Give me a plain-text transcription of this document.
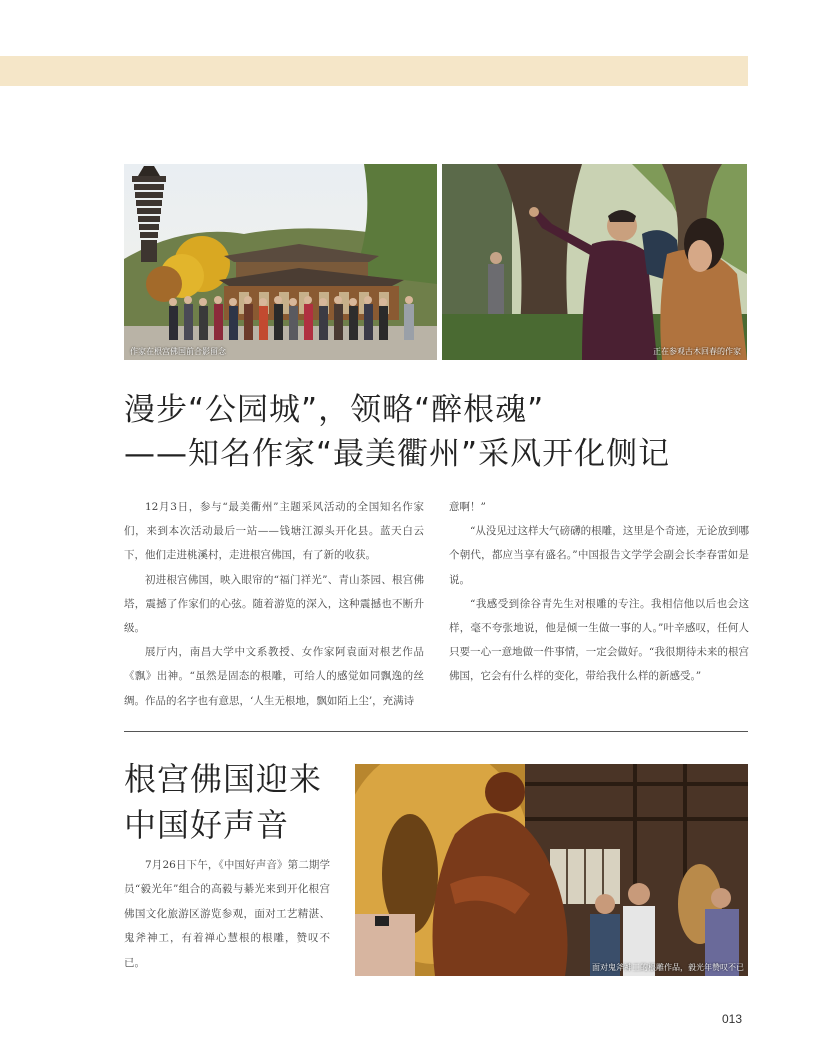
作家在根宫佛国前合影留念	正在参观古木回春的作家
漫步“公园城”，领略“醉根魂”
——知名作家“最美衢州”采风开化侧记

12月3日，参与“最美衢州”主题采风活动的全国知名作家们，来到本次活动最后一站——钱塘江源头开化县。蓝天白云下，他们走进桃溪村，走进根宫佛国，有了新的收获。

初进根宫佛国，映入眼帘的“福门祥光”、青山茶园、根宫佛塔，震撼了作家们的心弦。随着游览的深入，这种震撼也不断升级。

展厅内，南昌大学中文系教授、女作家阿袁面对根艺作品《飘》出神。“虽然是固态的根雕，可给人的感觉如同飘逸的丝绸。作品的名字也有意思，‘人生无根地，飘如陌上尘’，充满诗

意啊！”

“从没见过这样大气磅礴的根雕，这里是个奇迹，无论放到哪个朝代，都应当享有盛名。”中国报告文学学会副会长李春雷如是说。

“我感受到徐谷青先生对根雕的专注。我相信他以后也会这样，毫不夸张地说，他是倾一生做一事的人。”叶辛感叹，任何人只要一心一意地做一件事情，一定会做好。“我很期待未来的根宫佛国，它会有什么样的变化，带给我什么样的新感受。”

根宫佛国迎来
中国好声音

7月26日下午，《中国好声音》第二期学员“毅光年”组合的高毅与綦光来到开化根宫佛国文化旅游区游览参观，面对工艺精湛、鬼斧神工，有着禅心慧根的根雕，赞叹不已。	面对鬼斧神工的根雕作品，毅光年赞叹不已
013
